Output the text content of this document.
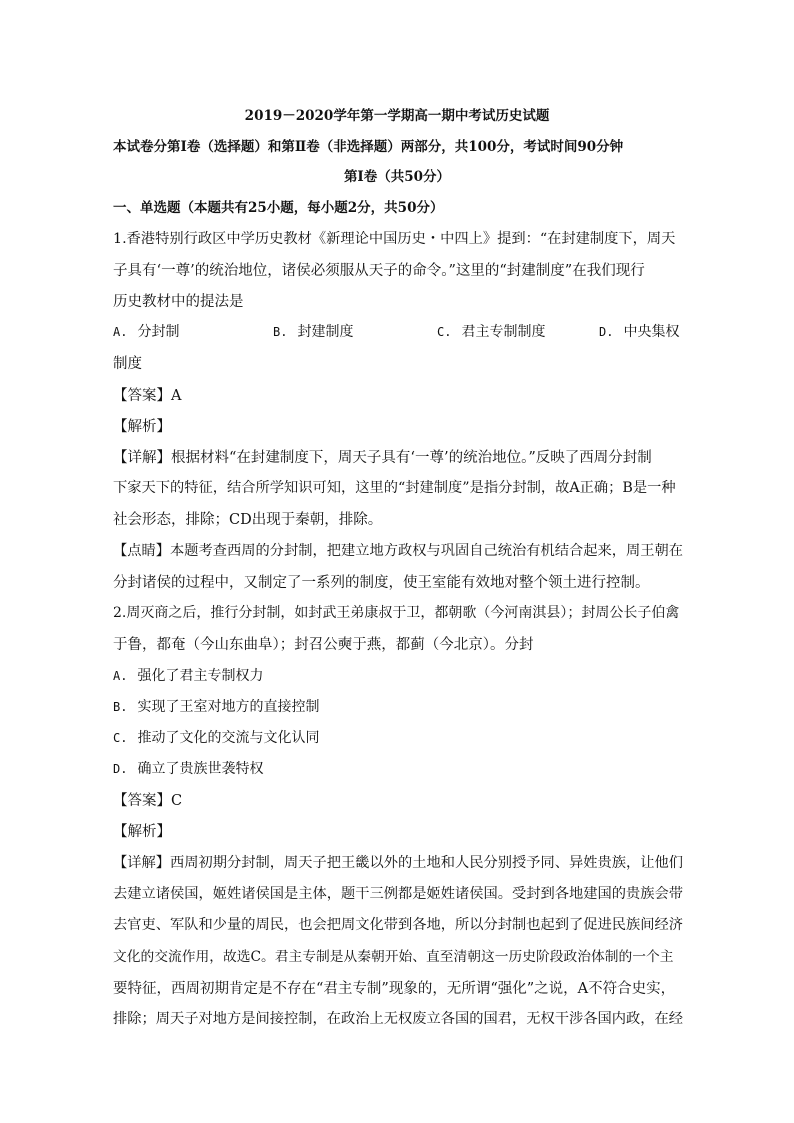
2019－2020学年第一学期高一期中考试历史试题
本试卷分第Ⅰ卷（选择题）和第Ⅱ卷（非选择题）两部分，共100分，考试时间90分钟
第Ⅰ卷（共50分）
一、单选题（本题共有25小题，每小题2分，共50分）
1.香港特别行政区中学历史教材《新理论中国历史・中四上》提到：“在封建制度下，周天
子具有‘一尊’的统治地位，诸侯必须服从天子的命令。”这里的“封建制度”在我们现行
历史教材中的提法是
A. 分封制	B. 封建制度	C. 君主专制制度	D. 中央集权
制度
【答案】A
【解析】
【详解】根据材料“在封建制度下，周天子具有‘一尊’的统治地位。”反映了西周分封制
下家天下的特征，结合所学知识可知，这里的“封建制度”是指分封制，故A正确；B是一种
社会形态，排除；CD出现于秦朝，排除。
【点睛】本题考查西周的分封制，把建立地方政权与巩固自己统治有机结合起来，周王朝在
分封诸侯的过程中，又制定了一系列的制度，使王室能有效地对整个领土进行控制。
2.周灭商之后，推行分封制，如封武王弟康叔于卫，都朝歌（今河南淇县）；封周公长子伯禽
于鲁，都奄（今山东曲阜）；封召公奭于燕，都蓟（今北京）。分封
A. 强化了君主专制权力
B. 实现了王室对地方的直接控制
C. 推动了文化的交流与文化认同
D. 确立了贵族世袭特权
【答案】C
【解析】
【详解】西周初期分封制，周天子把王畿以外的土地和人民分别授予同、异姓贵族，让他们
去建立诸侯国，姬姓诸侯国是主体，题干三例都是姬姓诸侯国。受封到各地建国的贵族会带
去官吏、军队和少量的周民，也会把周文化带到各地，所以分封制也起到了促进民族间经济
文化的交流作用，故选C。君主专制是从秦朝开始、直至清朝这一历史阶段政治体制的一个主
要特征，西周初期肯定是不存在“君主专制”现象的，无所谓“强化”之说，A不符合史实，
排除；周天子对地方是间接控制，在政治上无权废立各国的国君，无权干涉各国内政，在经
